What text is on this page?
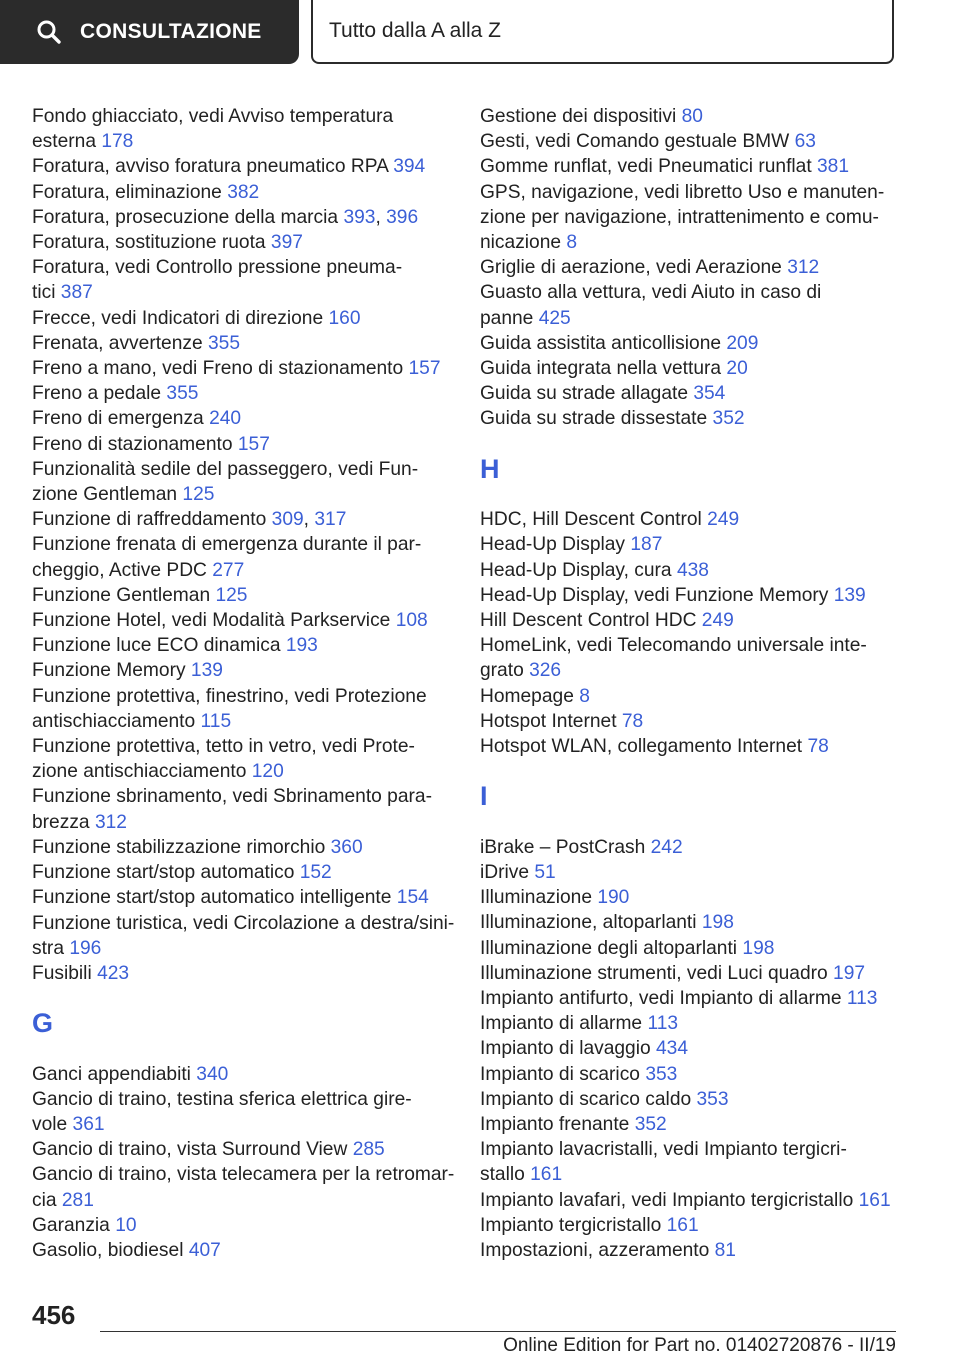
CONSULTAZIONE	Tutto dalla A alla Z
Fondo ghiacciato, vedi Avviso temperatura
esterna 178
Foratura, avviso foratura pneumatico RPA 394
Foratura, eliminazione 382
Foratura, prosecuzione della marcia 393, 396
Foratura, sostituzione ruota 397
Foratura, vedi Controllo pressione pneuma-
tici 387
Frecce, vedi Indicatori di direzione 160
Frenata, avvertenze 355
Freno a mano, vedi Freno di stazionamento 157
Freno a pedale 355
Freno di emergenza 240
Freno di stazionamento 157
Funzionalità sedile del passeggero, vedi Fun-
zione Gentleman 125
Funzione di raffreddamento 309, 317
Funzione frenata di emergenza durante il par-
cheggio, Active PDC 277
Funzione Gentleman 125
Funzione Hotel, vedi Modalità Parkservice 108
Funzione luce ECO dinamica 193
Funzione Memory 139
Funzione protettiva, finestrino, vedi Protezione
antischiacciamento 115
Funzione protettiva, tetto in vetro, vedi Prote-
zione antischiacciamento 120
Funzione sbrinamento, vedi Sbrinamento para-
brezza 312
Funzione stabilizzazione rimorchio 360
Funzione start/stop automatico 152
Funzione start/stop automatico intelligente 154
Funzione turistica, vedi Circolazione a destra/sini-
stra 196
Fusibili 423
G
Ganci appendiabiti 340
Gancio di traino, testina sferica elettrica gire-
vole 361
Gancio di traino, vista Surround View 285
Gancio di traino, vista telecamera per la retromar-
cia 281
Garanzia 10
Gasolio, biodiesel 407
Gestione dei dispositivi 80
Gesti, vedi Comando gestuale BMW 63
Gomme runflat, vedi Pneumatici runflat 381
GPS, navigazione, vedi libretto Uso e manuten-
zione per navigazione, intrattenimento e comu-
nicazione 8
Griglie di aerazione, vedi Aerazione 312
Guasto alla vettura, vedi Aiuto in caso di
panne 425
Guida assistita anticollisione 209
Guida integrata nella vettura 20
Guida su strade allagate 354
Guida su strade dissestate 352
H
HDC, Hill Descent Control 249
Head-Up Display 187
Head-Up Display, cura 438
Head-Up Display, vedi Funzione Memory 139
Hill Descent Control HDC 249
HomeLink, vedi Telecomando universale inte-
grato 326
Homepage 8
Hotspot Internet 78
Hotspot WLAN, collegamento Internet 78
I
iBrake – PostCrash 242
iDrive 51
Illuminazione 190
Illuminazione, altoparlanti 198
Illuminazione degli altoparlanti 198
Illuminazione strumenti, vedi Luci quadro 197
Impianto antifurto, vedi Impianto di allarme 113
Impianto di allarme 113
Impianto di lavaggio 434
Impianto di scarico 353
Impianto di scarico caldo 353
Impianto frenante 352
Impianto lavacristalli, vedi Impianto tergicri-
stallo 161
Impianto lavafari, vedi Impianto tergicristallo 161
Impianto tergicristallo 161
Impostazioni, azzeramento 81
456
Online Edition for Part no. 01402720876 - II/19
